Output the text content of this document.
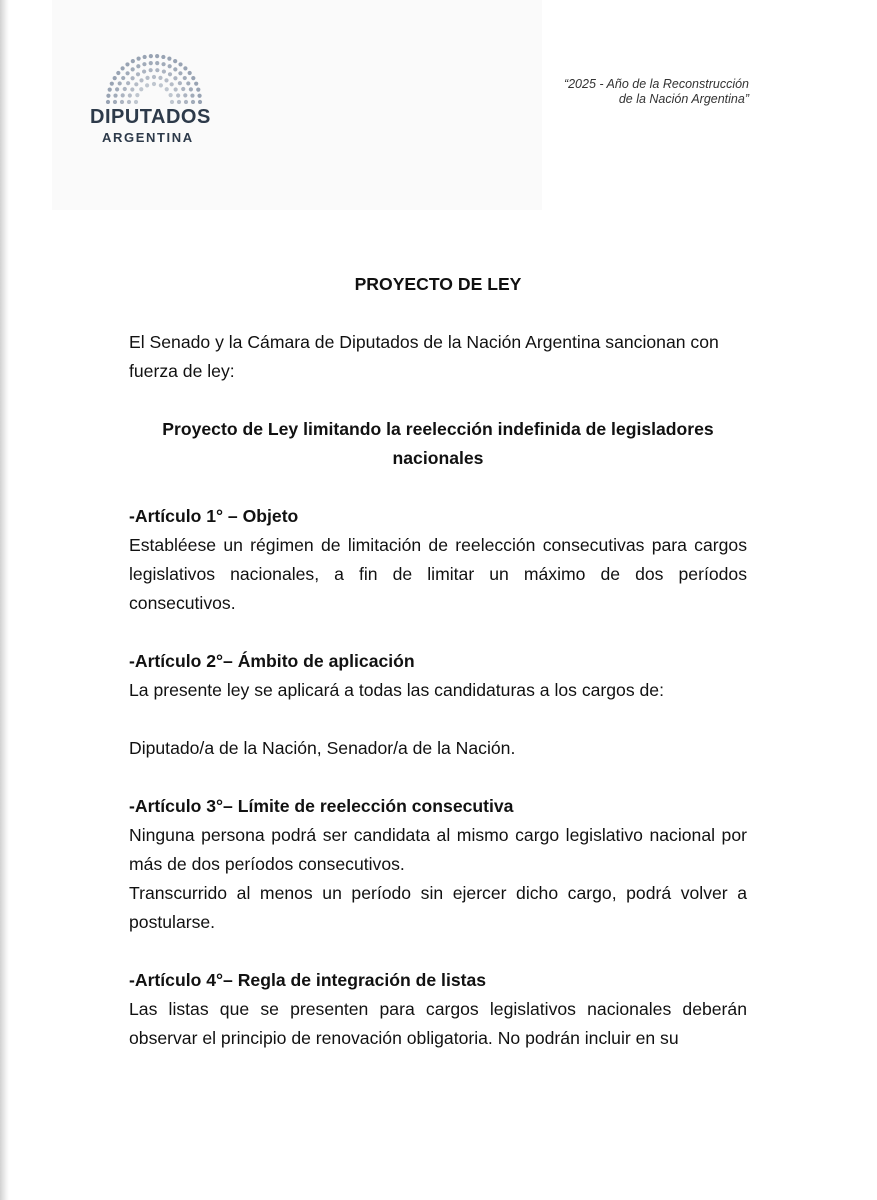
DIPUTADOS
ARGENTINA
“2025 - Año de la Reconstrucción
de la Nación Argentina”

PROYECTO DE LEY

El Senado y la Cámara de Diputados de la Nación Argentina sancionan con fuerza de ley:

Proyecto de Ley limitando la reelección indefinida de legisladores nacionales

-Artículo 1° – Objeto
Establéese un régimen de limitación de reelección consecutivas para cargos legislativos nacionales, a fin de limitar un máximo de dos períodos consecutivos.
-Artículo 2°– Ámbito de aplicación
La presente ley se aplicará a todas las candidaturas a los cargos de:
Diputado/a de la Nación, Senador/a de la Nación.
-Artículo 3°– Límite de reelección consecutiva
Ninguna persona podrá ser candidata al mismo cargo legislativo nacional por más de dos períodos consecutivos.
Transcurrido al menos un período sin ejercer dicho cargo, podrá volver a postularse.
-Artículo 4°– Regla de integración de listas
Las listas que se presenten para cargos legislativos nacionales deberán observar el principio de renovación obligatoria. No podrán incluir en su
